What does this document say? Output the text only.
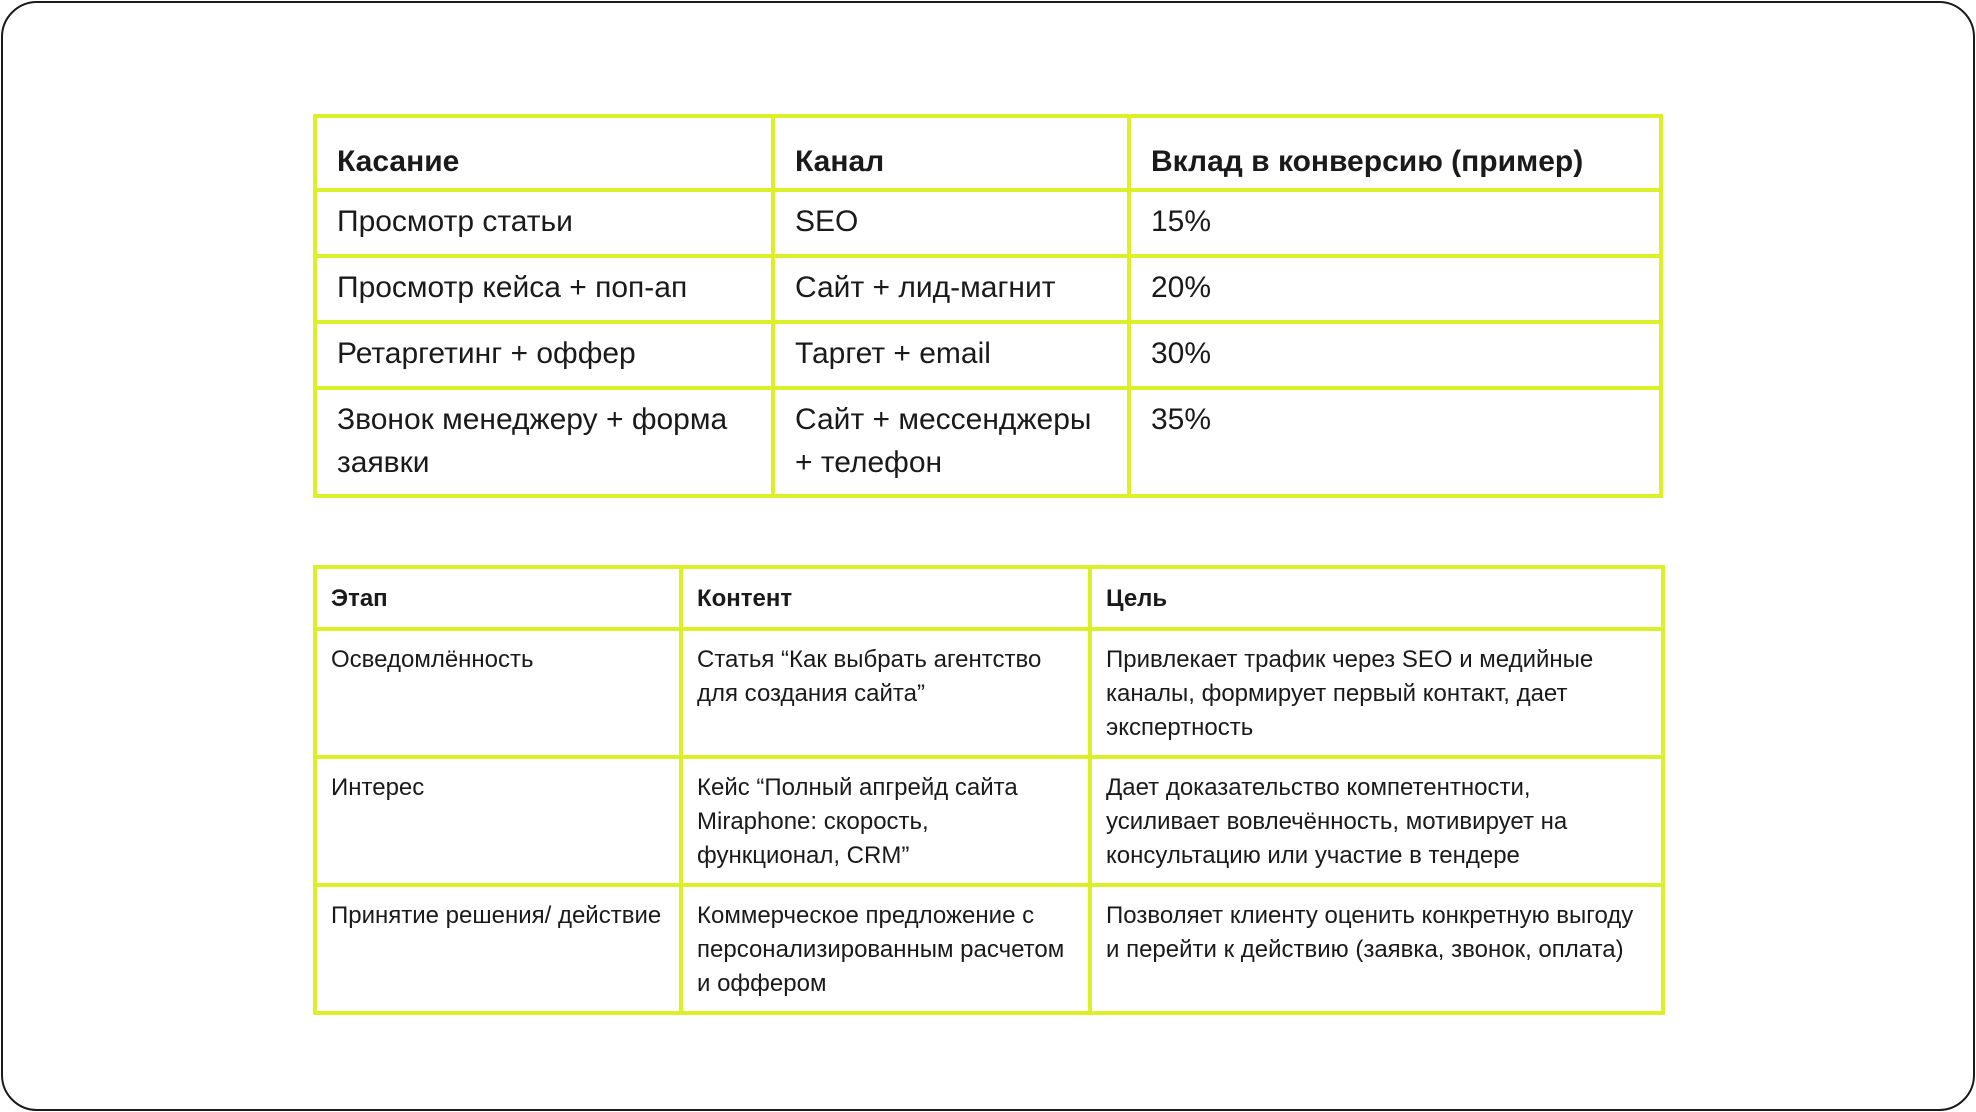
Касание	Канал	Вклад в конверсию (пример)
Просмотр статьи	SEO	15%
Просмотр кейса + поп-ап	Сайт + лид-магнит	20%
Ретаргетинг + оффер	Таргет + email	30%
Звонок менеджеру + форма заявки	Сайт + мессенджеры + телефон	35%
Этап	Контент	Цель
Осведомлённость	Статья “Как выбрать агентство для создания сайта”	Привлекает трафик через SEO и медийные каналы, формирует первый контакт, дает экспертность
Интерес	Кейс “Полный апгрейд сайта Miraphone: скорость, функционал, CRM”	Дает доказательство компетентности, усиливает вовлечённость, мотивирует на консультацию или участие в тендере
Принятие решения/ действие	Коммерческое предложение с персонализированным расчетом и оффером	Позволяет клиенту оценить конкретную выгоду и перейти к действию (заявка, звонок, оплата)
